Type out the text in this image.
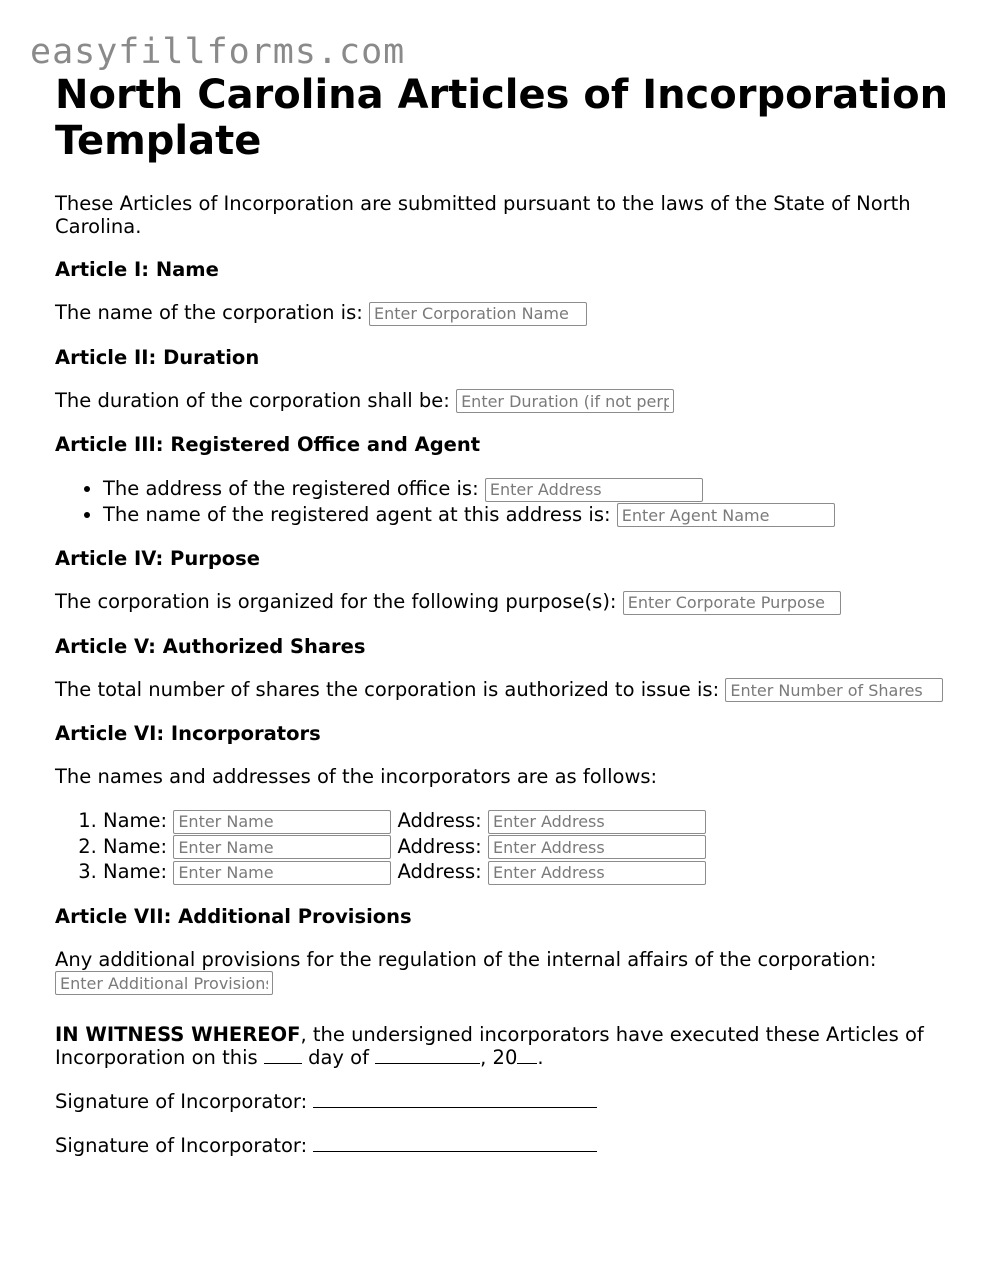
easyfillforms.com
North Carolina Articles of Incorporation Template

These Articles of Incorporation are submitted pursuant to the laws of the State of North Carolina.

Article I: Name

The name of the corporation is: Enter Corporation Name

Article II: Duration

The duration of the corporation shall be: Enter Duration (if not perpetual)

Article III: Registered Office and Agent
• The address of the registered office is: Enter Address
• The name of the registered agent at this address is: Enter Agent Name
Article IV: Purpose

The corporation is organized for the following purpose(s): Enter Corporate Purpose

Article V: Authorized Shares

The total number of shares the corporation is authorized to issue is: Enter Number of Shares

Article VI: Incorporators

The names and addresses of the incorporators are as follows:

1. Name: Enter Name	Address: Enter Address
2. Name: Enter Name	Address: Enter Address
3. Name: Enter Name	Address: Enter Address
Article VII: Additional Provisions

Any additional provisions for the regulation of the internal affairs of the corporation:
Enter Additional Provisions

IN WITNESS WHEREOF, the undersigned incorporators have executed these Articles of Incorporation on this  day of	, 20 .

Signature of Incorporator:

Signature of Incorporator:
